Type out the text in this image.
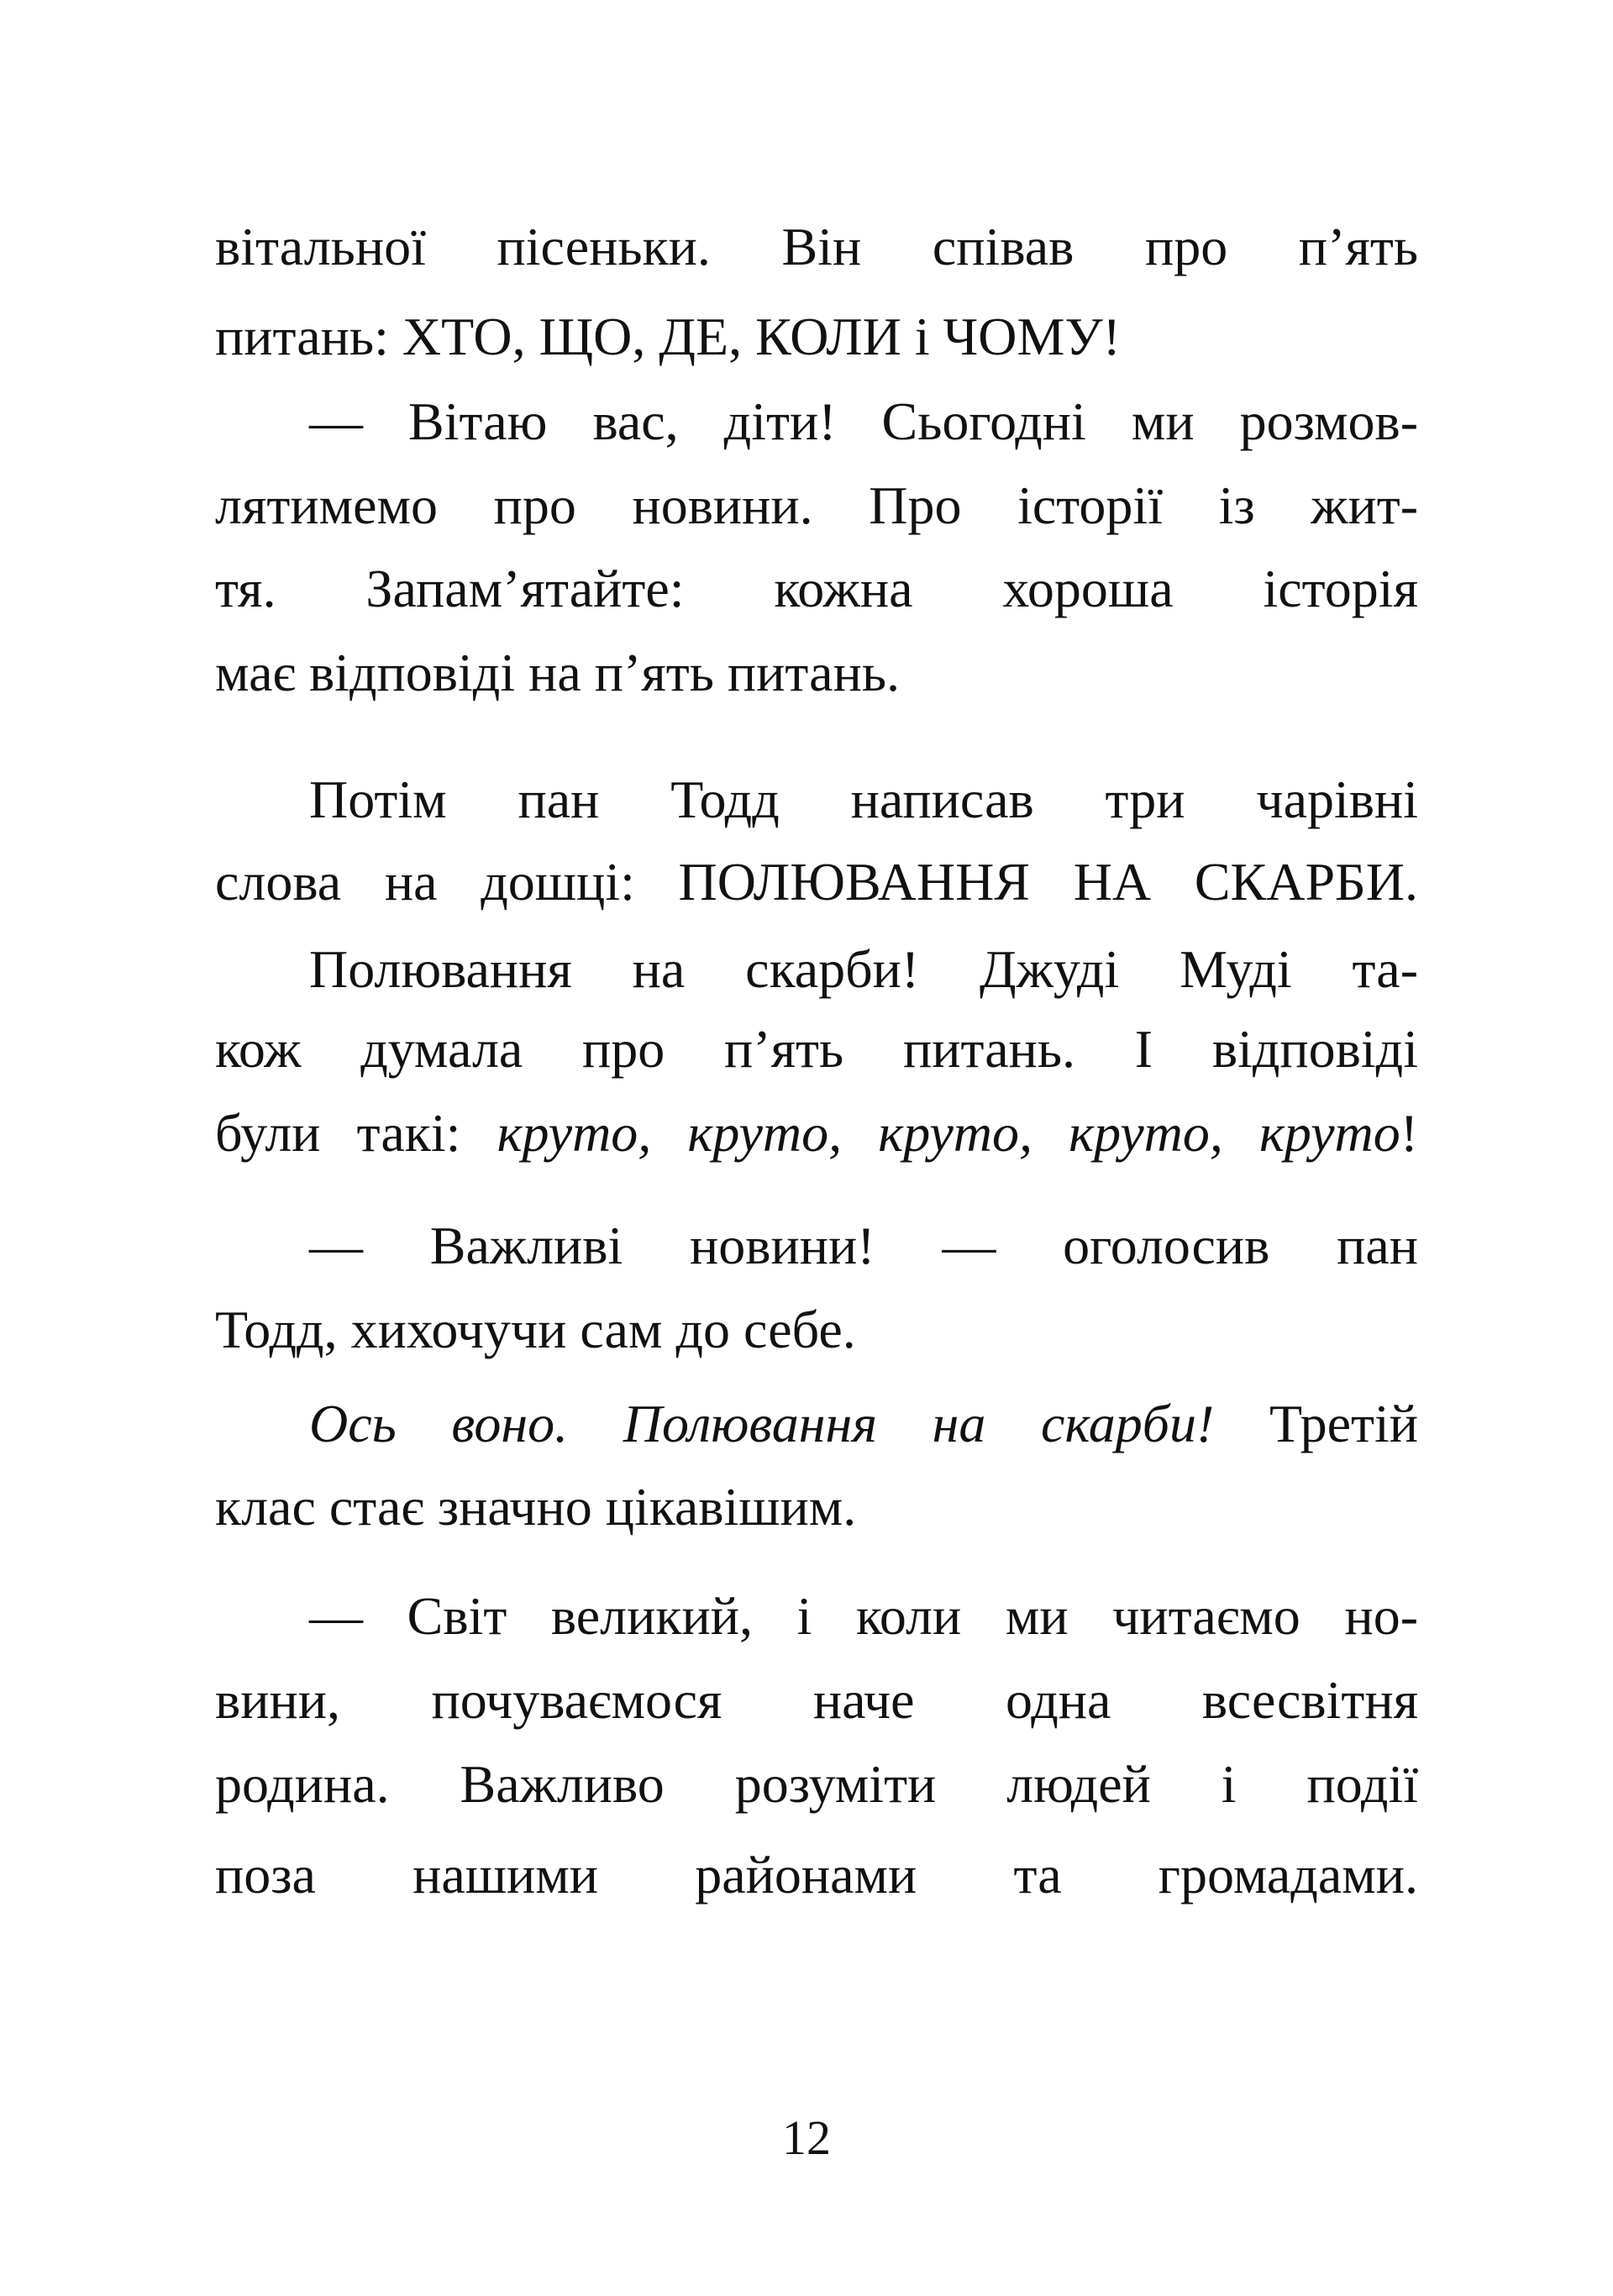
вітальної пісеньки. Він співав про п’ять
питань: ХТО, ЩО, ДЕ, КОЛИ і ЧОМУ!
— Вітаю вас, діти! Сьогодні ми розмов-
лятимемо про новини. Про історії із жит-
тя. Запам’ятайте: кожна хороша історія
має відповіді на п’ять питань.
Потім пан Тодд написав три чарівні
слова на дошці: ПОЛЮВАННЯ НА СКАРБИ.
Полювання на скарби! Джуді Муді та-
кож думала про п’ять питань. І відповіді
були такі: круто, круто, круто, круто, круто!
— Важливі новини! — оголосив пан
Тодд, хихочучи сам до себе.
Ось воно. Полювання на скарби! Третій
клас стає значно цікавішим.
— Світ великий, і коли ми читаємо но-
вини, почуваємося наче одна всесвітня
родина. Важливо розуміти людей і події
поза нашими районами та громадами.
12
